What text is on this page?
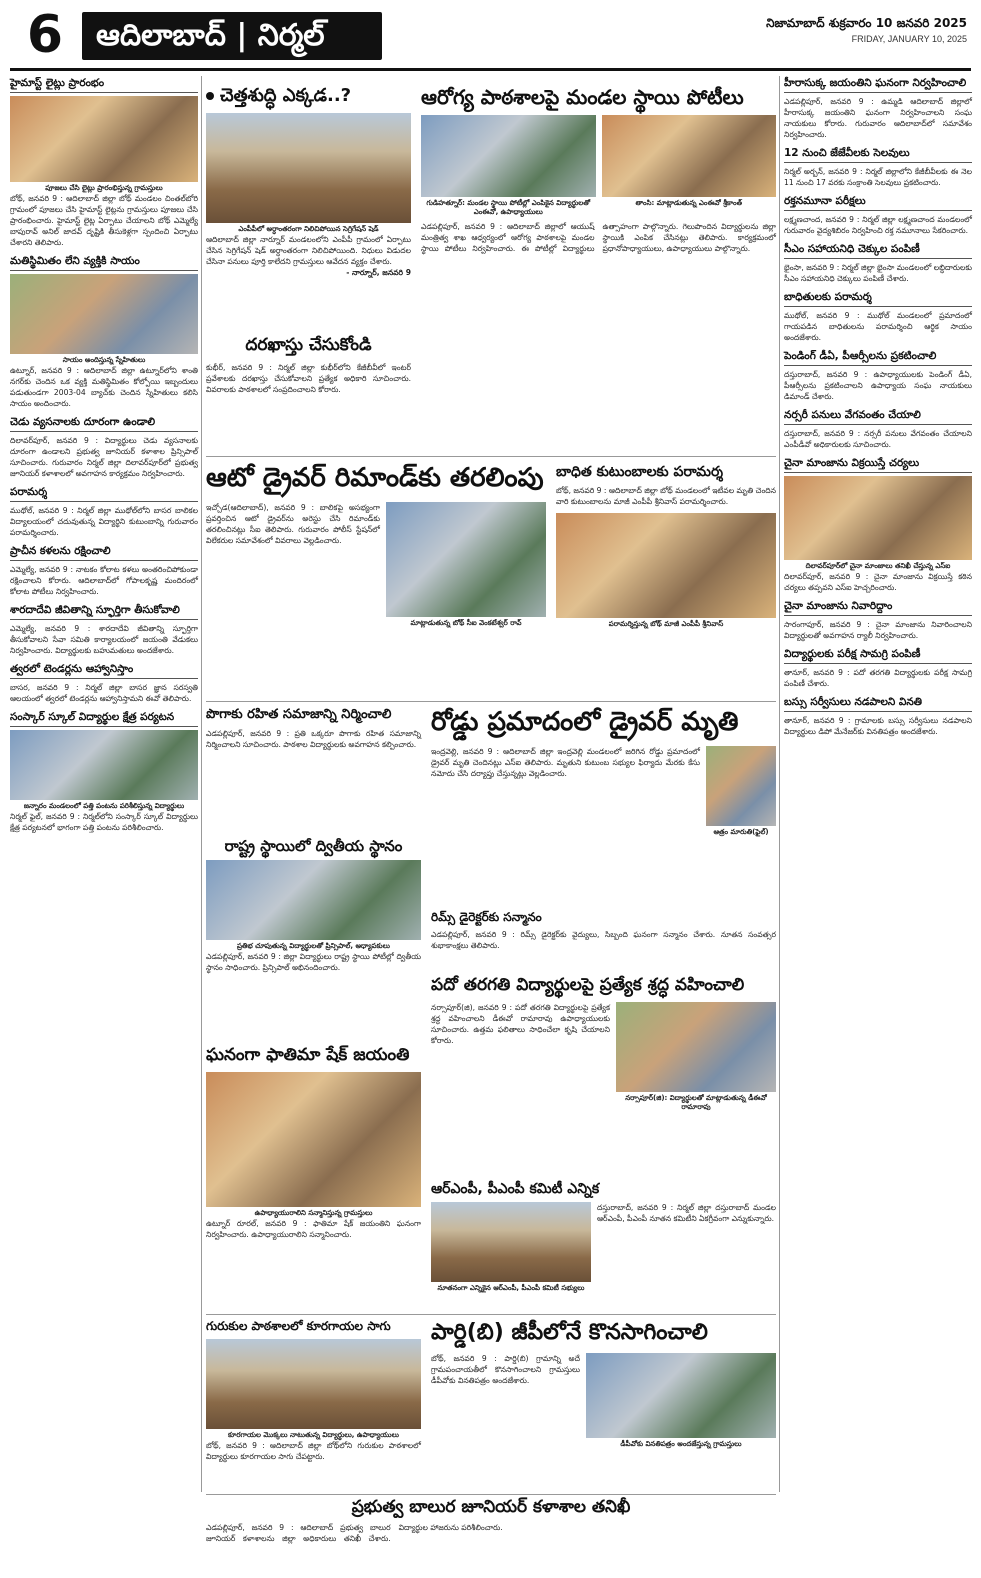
6	ఆదిలాబాద్ | నిర్మల్	నిజామాబాద్ శుక్రవారం 10 జనవరి 2025
FRIDAY, JANUARY 10, 2025
హైమాస్ట్ లైట్లు ప్రారంభం
పూజలు చేసి లైట్లు ప్రారంభిస్తున్న గ్రామస్తులు

బోథ్, జనవరి 9 : ఆదిలాబాద్ జిల్లా బోథ్ మండలం చింతల్‌బోరి గ్రామంలో పూజలు చేసి హైమాస్ట్ లైట్లను గ్రామస్తులు పూజలు చేసి ప్రారంభించారు. హైమాస్ట్ లైట్ల ఏర్పాటు చేయాలని బోథ్ ఎమ్మెల్యే బాపురావ్ అనిల్ జాదవ్ దృష్టికి తీసుకెళ్లగా స్పందించి ఏర్పాటు చేశారని తెలిపారు.

మతిస్థిమితం లేని వ్యక్తికి సాయం
సాయం అందిస్తున్న స్నేహితులు

ఉట్నూర్, జనవరి 9 : ఆదిలాబాద్ జిల్లా ఉట్నూర్‌లోని శాంతి నగర్‌కు చెందిన ఒక వ్యక్తి మతిస్థిమితం కోల్పోయి ఇబ్బందులు పడుతుండగా 2003-04 బ్యాచ్‌కు చెందిన స్నేహితులు కలిసి సాయం అందించారు.

చెడు వ్యసనాలకు దూరంగా ఉండాలి

దిలావర్‌పూర్, జనవరి 9 : విద్యార్థులు చెడు వ్యసనాలకు దూరంగా ఉండాలని ప్రభుత్వ జూనియర్ కళాశాల ప్రిన్సిపాల్ సూచించారు. గురువారం నిర్మల్ జిల్లా దిలావర్‌పూర్‌లో ప్రభుత్వ జూనియర్ కళాశాలలో అవగాహన కార్యక్రమం నిర్వహించారు.

పరామర్శ

ముథోల్, జనవరి 9 : నిర్మల్ జిల్లా ముథోల్‌లోని బాసర బాలికల విద్యాలయంలో చదువుతున్న విద్యార్థిని కుటుంబాన్ని గురువారం పరామర్శించారు.

ప్రాచీన కళలను రక్షించాలి

ఎమ్మెల్యే, జనవరి 9 : నాటకం కోలాట కళలు అంతరించిపోకుండా రక్షించాలని కోరారు. ఆదిలాబాద్‌లో గోపాలకృష్ణ మందిరంలో కోలాట పోటీలు నిర్వహించారు.

శారదాదేవి జీవితాన్ని స్ఫూర్తిగా తీసుకోవాలి

ఎమ్మెల్యే, జనవరి 9 : శారదాదేవి జీవితాన్ని స్ఫూర్తిగా తీసుకోవాలని సేవా సమితి కార్యాలయంలో జయంతి వేడుకలు నిర్వహించారు. విద్యార్థులకు బహుమతులు అందజేశారు.

త్వరలో టెండర్లను ఆహ్వానిస్తాం

బాసర, జనవరి 9 : నిర్మల్ జిల్లా బాసర జ్ఞాన సరస్వతి ఆలయంలో త్వరలో టెండర్లను ఆహ్వానిస్తామని ఈవో తెలిపారు.

సంస్కార్ స్కూల్ విద్యార్థుల క్షేత్ర పర్యటన
జన్నారం మండలంలో పత్తి పంటను పరిశీలిస్తున్న విద్యార్థులు

నిర్మల్ ఫైల్, జనవరి 9 : నిర్మల్‌లోని సంస్కార్ స్కూల్ విద్యార్థులు క్షేత్ర పర్యటనలో భాగంగా పత్తి పంటను పరిశీలించారు.

హీరాసుక్క జయంతిని ఘనంగా నిర్వహించాలి

ఎడపల్లిపూర్, జనవరి 9 : ఉమ్మడి ఆదిలాబాద్ జిల్లాలో హీరాసుక్క జయంతిని ఘనంగా నిర్వహించాలని సంఘ నాయకులు కోరారు. గురువారం ఆదిలాబాద్‌లో సమావేశం నిర్వహించారు.

12 నుంచి జేజేవీలకు సెలవులు

నిర్మల్ అర్బన్, జనవరి 9 : నిర్మల్ జిల్లాలోని కేజీబీవీలకు ఈ నెల 11 నుంచి 17 వరకు సంక్రాంతి సెలవులు ప్రకటించారు.

రక్తనమూనా పరీక్షలు

లక్ష్మణచాంద, జనవరి 9 : నిర్మల్ జిల్లా లక్ష్మణచాంద మండలంలో గురువారం వైద్యశిబిరం నిర్వహించి రక్త నమూనాలు సేకరించారు.

సీఎం సహాయనిధి చెక్కుల పంపిణీ

భైంసా, జనవరి 9 : నిర్మల్ జిల్లా భైంసా మండలంలో లబ్ధిదారులకు సీఎం సహాయనిధి చెక్కులు పంపిణీ చేశారు.

బాధితులకు పరామర్శ

ముథోల్, జనవరి 9 : ముథోల్ మండలంలో ప్రమాదంలో గాయపడిన బాధితులను పరామర్శించి ఆర్థిక సాయం అందజేశారు.

పెండింగ్ డీఏ, పీఆర్సీలను ప్రకటించాలి

దస్తురాబాద్, జనవరి 9 : ఉపాధ్యాయులకు పెండింగ్ డీఏ, పీఆర్సీలను ప్రకటించాలని ఉపాధ్యాయ సంఘ నాయకులు డిమాండ్ చేశారు.

నర్సరీ పనులు వేగవంతం చేయాలి

దస్తురాబాద్, జనవరి 9 : నర్సరీ పనులు వేగవంతం చేయాలని ఎంపీడీవో అధికారులకు సూచించారు.

చైనా మాంజాను విక్రయిస్తే చర్యలు
దిలావర్‌పూర్‌లో చైనా మాంజాలు తనిఖీ చేస్తున్న ఎస్ఐ

దిలావర్‌పూర్, జనవరి 9 : చైనా మాంజాను విక్రయిస్తే కఠిన చర్యలు తప్పవని ఎస్ఐ హెచ్చరించారు.

చైనా మాంజాను నివారిద్దాం

సారంగాపూర్, జనవరి 9 : చైనా మాంజాను నివారించాలని విద్యార్థులతో అవగాహన ర్యాలీ నిర్వహించారు.

విద్యార్థులకు పరీక్ష సామగ్రి పంపిణీ

తానూర్, జనవరి 9 : పదో తరగతి విద్యార్థులకు పరీక్ష సామగ్రి పంపిణీ చేశారు.

బస్సు సర్వీసులు నడపాలని వినతి

తానూర్, జనవరి 9 : గ్రామాలకు బస్సు సర్వీసులు నడపాలని విద్యార్థులు డిపో మేనేజర్‌కు వినతిపత్రం అందజేశారు.

చెత్తశుద్ధి ఎక్కడ..?
ఎంపీపీలో అర్ధాంతరంగా నిలిచిపోయిన సెగ్రిగేషన్ షెడ్

ఆదిలాబాద్ జిల్లా నార్నూర్ మండలంలోని ఎంపీపీ గ్రామంలో ఏర్పాటు చేసిన సెగ్రిగేషన్ షెడ్ అర్ధాంతరంగా నిలిచిపోయింది. నిధులు విడుదల చేసినా పనులు పూర్తి కాలేదని గ్రామస్తులు ఆవేదన వ్యక్తం చేశారు.

- నార్నూర్, జనవరి 9

ఆరోగ్య పాఠశాలపై మండల స్థాయి పోటీలు
గుడిహత్నూర్: మండల స్థాయి పోటీల్లో ఎంపికైన విద్యార్థులతో ఎంఈవో, ఉపాధ్యాయులు
తాంసి: మాట్లాడుతున్న ఎంఈవో శ్రీకాంత్

ఎడపల్లిపూర్, జనవరి 9 : ఆదిలాబాద్ జిల్లాలో ఆయుష్ మంత్రిత్వ శాఖ ఆధ్వర్యంలో ఆరోగ్య పాఠశాలపై మండల స్థాయి పోటీలు నిర్వహించారు. ఈ పోటీల్లో విద్యార్థులు ఉత్సాహంగా పాల్గొన్నారు. గెలుపొందిన విద్యార్థులను జిల్లా స్థాయికి ఎంపిక చేసినట్లు తెలిపారు. కార్యక్రమంలో ప్రధానోపాధ్యాయులు, ఉపాధ్యాయులు పాల్గొన్నారు.

దరఖాస్తు చేసుకోండి

కుభీర్, జనవరి 9 : నిర్మల్ జిల్లా కుభీర్‌లోని కేజీబీవీలో ఇంటర్ ప్రవేశాలకు దరఖాస్తు చేసుకోవాలని ప్రత్యేక అధికారి సూచించారు. వివరాలకు పాఠశాలలో సంప్రదించాలని కోరారు.

ఆటో డ్రైవర్ రిమాండ్‌కు తరలింపు

ఇచ్చోడ(ఆదిలాబాద్), జనవరి 9 : బాలికపై అసభ్యంగా ప్రవర్తించిన ఆటో డ్రైవర్‌ను అరెస్టు చేసి రిమాండ్‌కు తరలించినట్లు సీఐ తెలిపారు. గురువారం పోలీస్ స్టేషన్‌లో విలేకరుల సమావేశంలో వివరాలు వెల్లడించారు.

మాట్లాడుతున్న బోథ్ సీఐ వెంకటేశ్వర్ రావ్
బాధిత కుటుంబాలకు పరామర్శ

బోథ్, జనవరి 9 : ఆదిలాబాద్ జిల్లా బోథ్ మండలంలో ఇటీవల మృతి చెందిన వారి కుటుంబాలను మాజీ ఎంపీపీ శ్రీనివాస్ పరామర్శించారు.

పరామర్శిస్తున్న బోథ్ మాజీ ఎంపీపీ శ్రీనివాస్
పొగాకు రహిత సమాజాన్ని నిర్మించాలి

ఎడపల్లిపూర్, జనవరి 9 : ప్రతి ఒక్కరూ పొగాకు రహిత సమాజాన్ని నిర్మించాలని సూచించారు. పాఠశాల విద్యార్థులకు అవగాహన కల్పించారు.

రోడ్డు ప్రమాదంలో డ్రైవర్ మృతి

ఇంద్రవెల్లి, జనవరి 9 : ఆదిలాబాద్ జిల్లా ఇంద్రవెల్లి మండలంలో జరిగిన రోడ్డు ప్రమాదంలో డ్రైవర్ మృతి చెందినట్లు ఎస్ఐ తెలిపారు. మృతుని కుటుంబ సభ్యుల ఫిర్యాదు మేరకు కేసు నమోదు చేసి దర్యాప్తు చేస్తున్నట్లు వెల్లడించారు.

ఆత్రం మారుతి(ఫైల్)
రాష్ట్ర స్థాయిలో ద్వితీయ స్థానం
ప్రతిభ చూపుతున్న విద్యార్థులతో ప్రిన్సిపాల్, అధ్యాపకులు

ఎడపల్లిపూర్, జనవరి 9 : జిల్లా విద్యార్థులు రాష్ట్ర స్థాయి పోటీల్లో ద్వితీయ స్థానం సాధించారు. ప్రిన్సిపాల్ అభినందించారు.

రిమ్స్ డైరెక్టర్‌కు సన్మానం

ఎడపల్లిపూర్, జనవరి 9 : రిమ్స్ డైరెక్టర్‌కు వైద్యులు, సిబ్బంది ఘనంగా సన్మానం చేశారు. నూతన సంవత్సర శుభాకాంక్షలు తెలిపారు.

పదో తరగతి విద్యార్థులపై ప్రత్యేక శ్రద్ధ వహించాలి

నర్సాపూర్(జి), జనవరి 9 : పదో తరగతి విద్యార్థులపై ప్రత్యేక శ్రద్ధ వహించాలని డీఈవో రామారావు ఉపాధ్యాయులకు సూచించారు. ఉత్తమ ఫలితాలు సాధించేలా కృషి చేయాలని కోరారు.

నర్సాపూర్(జి): విద్యార్థులతో మాట్లాడుతున్న డీఈవో రామారావు
ఘనంగా ఫాతిమా షేక్ జయంతి
ఉపాధ్యాయురాలిని సన్మానిస్తున్న గ్రామస్తులు

ఉట్నూర్ రూరల్, జనవరి 9 : ఫాతిమా షేక్ జయంతిని ఘనంగా నిర్వహించారు. ఉపాధ్యాయురాలిని సన్మానించారు.

ఆర్ఎంపీ, పీఎంపీ కమిటీ ఎన్నిక
నూతనంగా ఎన్నికైన ఆర్ఎంపీ, పీఎంపీ కమిటీ సభ్యులు

దస్తురాబాద్, జనవరి 9 : నిర్మల్ జిల్లా దస్తురాబాద్ మండల ఆర్ఎంపీ, పీఎంపీ నూతన కమిటీని ఏకగ్రీవంగా ఎన్నుకున్నారు.

గురుకుల పాఠశాలలో కూరగాయల సాగు
కూరగాయల మొక్కలు నాటుతున్న విద్యార్థులు, ఉపాధ్యాయులు

బోథ్, జనవరి 9 : ఆదిలాబాద్ జిల్లా బోథ్‌లోని గురుకుల పాఠశాలలో విద్యార్థులు కూరగాయల సాగు చేపట్టారు.

పార్డి(బి) జీపీలోనే కొనసాగించాలి

బోథ్, జనవరి 9 : పార్డి(బి) గ్రామాన్ని అదే గ్రామపంచాయతీలో కొనసాగించాలని గ్రామస్తులు డీపీవోకు వినతిపత్రం అందజేశారు.

డీపీవోకు వినతిపత్రం అందజేస్తున్న గ్రామస్తులు
ప్రభుత్వ బాలుర జూనియర్ కళాశాల తనిఖీ

ఎడపల్లిపూర్, జనవరి 9 : ఆదిలాబాద్ ప్రభుత్వ బాలుర జూనియర్ కళాశాలను జిల్లా అధికారులు తనిఖీ చేశారు. విద్యార్థుల హాజరును పరిశీలించారు.
